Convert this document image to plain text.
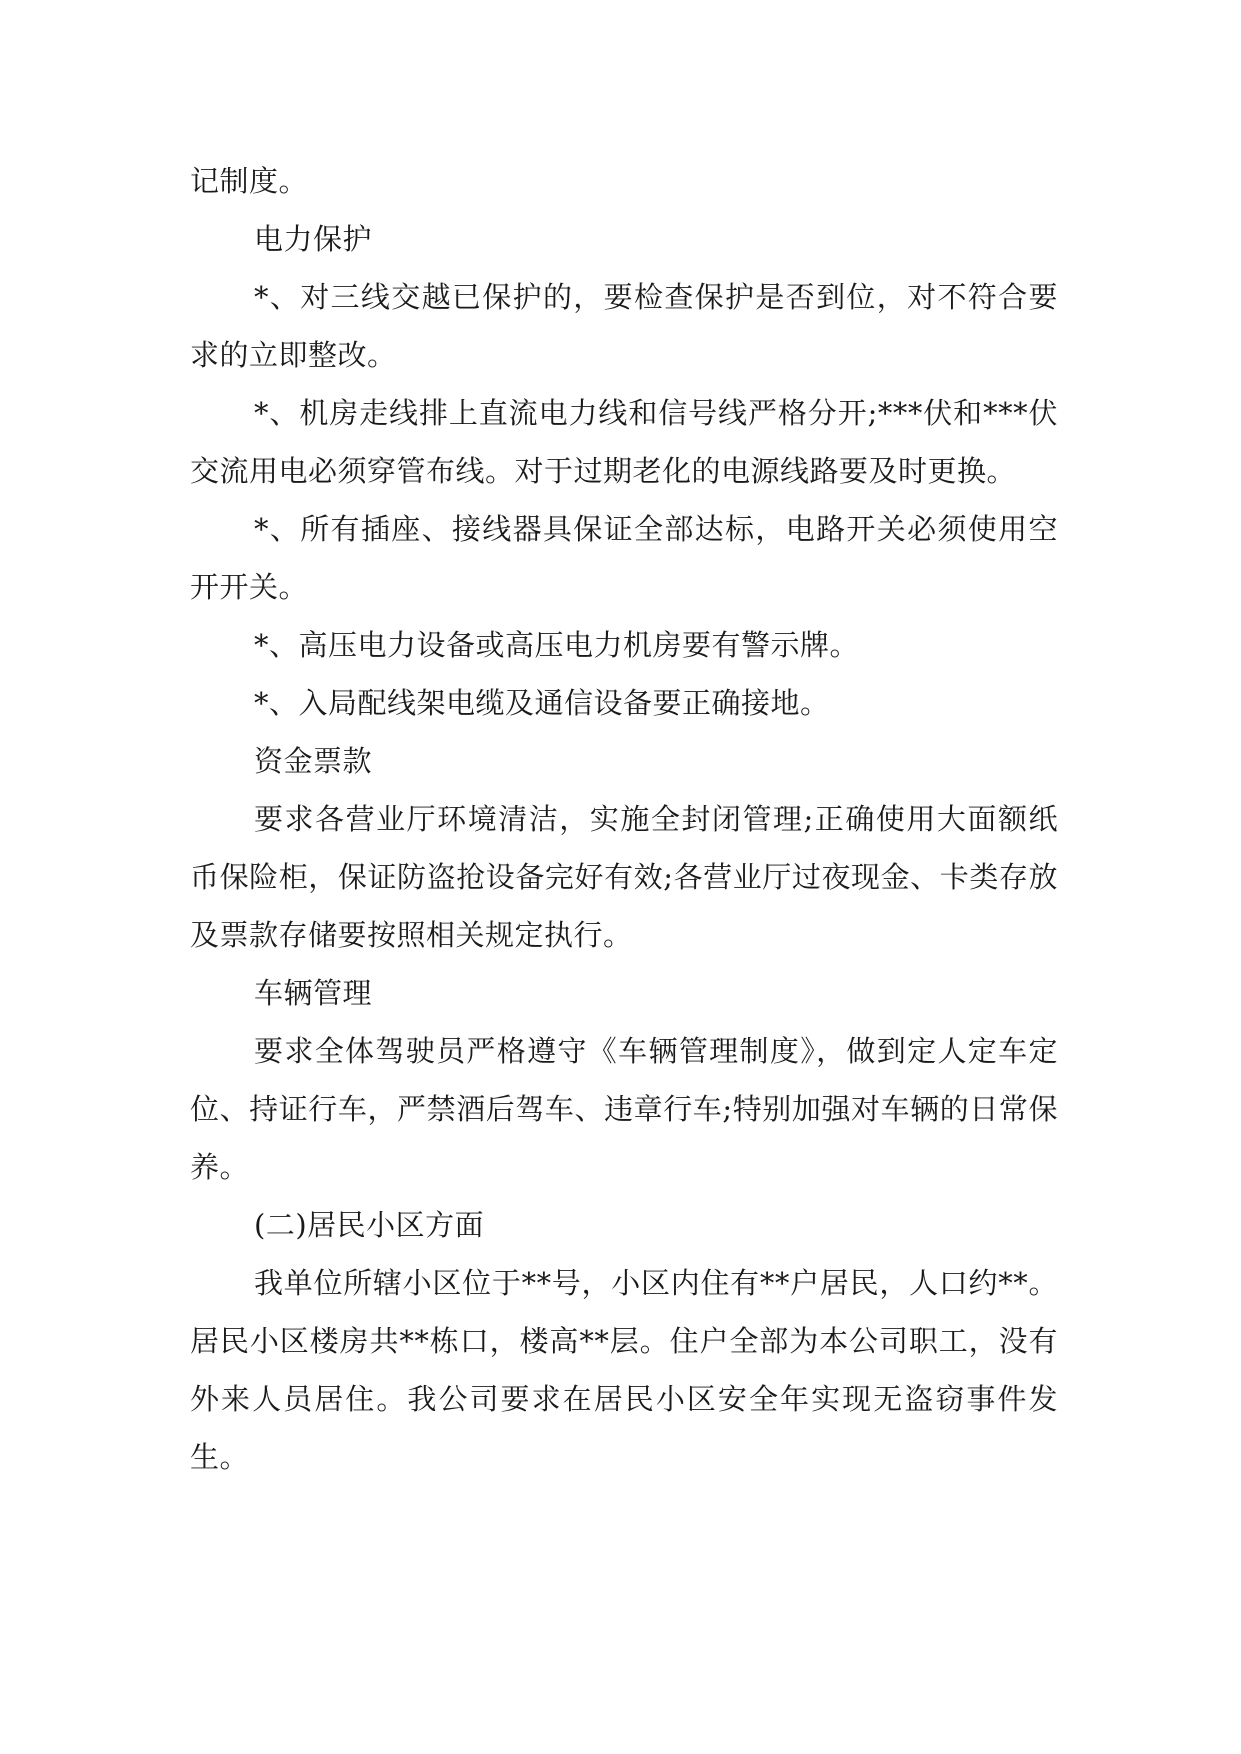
记制度。

电力保护

*、对三线交越已保护的，要检查保护是否到位，对不符合要求的立即整改。

*、机房走线排上直流电力线和信号线严格分开;***伏和***伏交流用电必须穿管布线。对于过期老化的电源线路要及时更换。

*、所有插座、接线器具保证全部达标，电路开关必须使用空开开关。

*、高压电力设备或高压电力机房要有警示牌。

*、入局配线架电缆及通信设备要正确接地。

资金票款

要求各营业厅环境清洁，实施全封闭管理;正确使用大面额纸币保险柜，保证防盗抢设备完好有效;各营业厅过夜现金、卡类存放及票款存储要按照相关规定执行。

车辆管理

要求全体驾驶员严格遵守《车辆管理制度》，做到定人定车定位、持证行车，严禁酒后驾车、违章行车;特别加强对车辆的日常保养。

(二)居民小区方面

我单位所辖小区位于**号，小区内住有**户居民，人口约**。居民小区楼房共**栋口，楼高**层。住户全部为本公司职工，没有外来人员居住。我公司要求在居民小区安全年实现无盗窃事件发生。
